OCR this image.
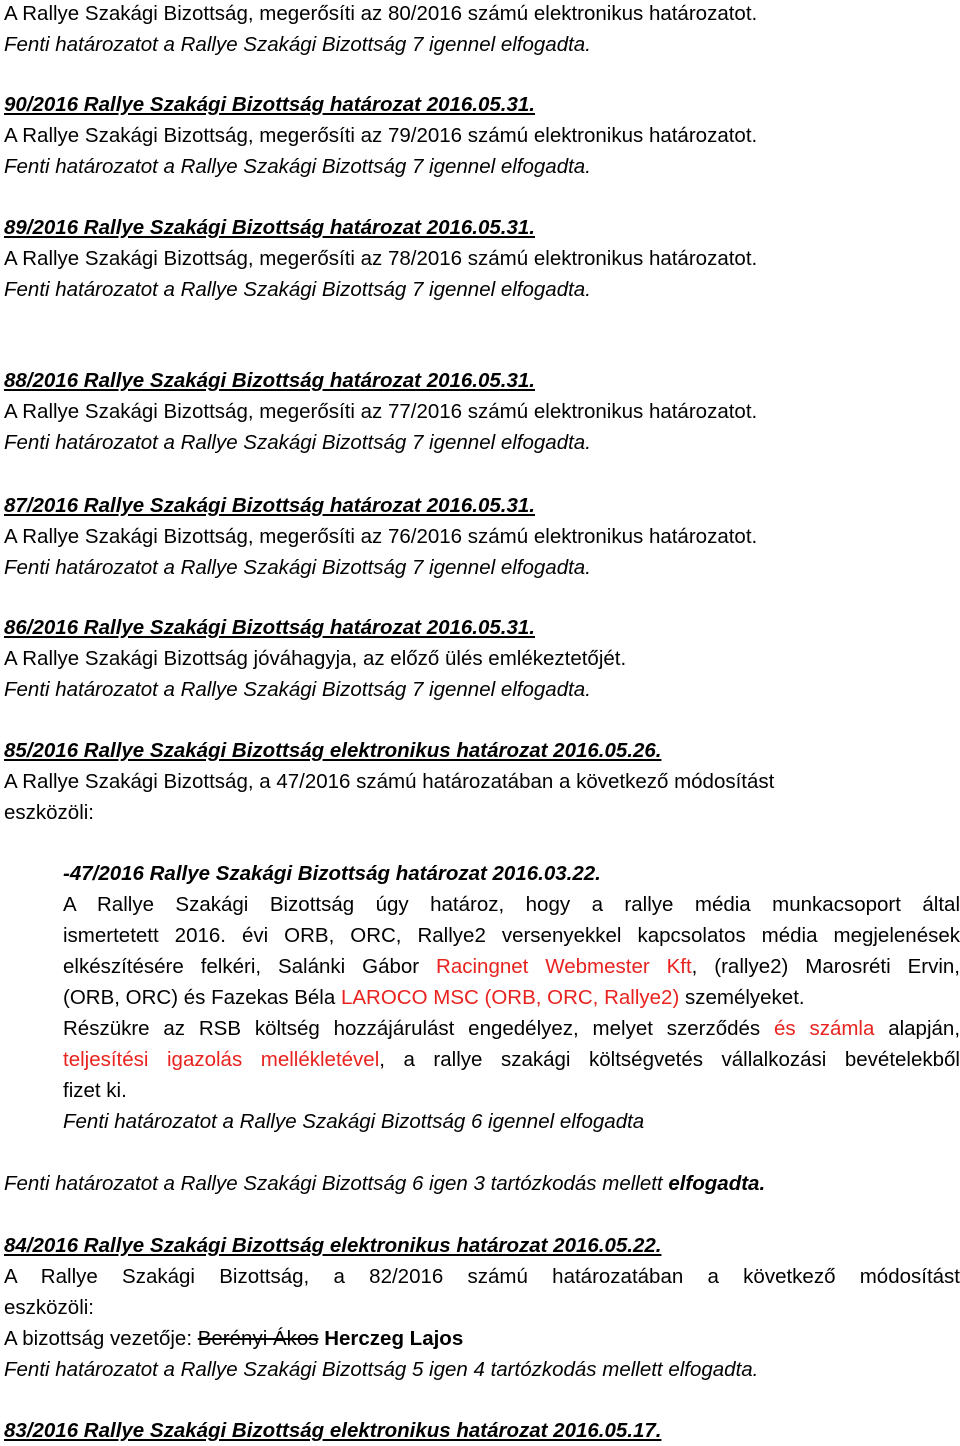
A Rallye Szakági Bizottság, megerősíti az 80/2016 számú elektronikus határozatot.
Fenti határozatot a Rallye Szakági Bizottság 7 igennel elfogadta.
90/2016 Rallye Szakági Bizottság határozat 2016.05.31.
A Rallye Szakági Bizottság, megerősíti az 79/2016 számú elektronikus határozatot.
Fenti határozatot a Rallye Szakági Bizottság 7 igennel elfogadta.
89/2016 Rallye Szakági Bizottság határozat 2016.05.31.
A Rallye Szakági Bizottság, megerősíti az 78/2016 számú elektronikus határozatot.
Fenti határozatot a Rallye Szakági Bizottság 7 igennel elfogadta.
88/2016 Rallye Szakági Bizottság határozat 2016.05.31.
A Rallye Szakági Bizottság, megerősíti az 77/2016 számú elektronikus határozatot.
Fenti határozatot a Rallye Szakági Bizottság 7 igennel elfogadta.
87/2016 Rallye Szakági Bizottság határozat 2016.05.31.
A Rallye Szakági Bizottság, megerősíti az 76/2016 számú elektronikus határozatot.
Fenti határozatot a Rallye Szakági Bizottság 7 igennel elfogadta.
86/2016 Rallye Szakági Bizottság határozat 2016.05.31.
A Rallye Szakági Bizottság jóváhagyja, az előző ülés emlékeztetőjét.
Fenti határozatot a Rallye Szakági Bizottság 7 igennel elfogadta.
85/2016 Rallye Szakági Bizottság elektronikus határozat 2016.05.26.
A Rallye Szakági Bizottság, a 47/2016 számú határozatában a következő módosítást
eszközöli:
-47/2016 Rallye Szakági Bizottság határozat 2016.03.22.
A Rallye Szakági Bizottság úgy határoz, hogy a rallye média munkacsoport által
ismertetett 2016. évi ORB, ORC, Rallye2 versenyekkel kapcsolatos média megjelenések
elkészítésére felkéri, Salánki Gábor Racingnet Webmester Kft, (rallye2) Marosréti Ervin,
(ORB, ORC) és Fazekas Béla LAROCO MSC (ORB, ORC, Rallye2) személyeket.
Részükre az RSB költség hozzájárulást engedélyez, melyet szerződés és számla alapján,
teljesítési igazolás mellékletével, a rallye szakági költségvetés vállalkozási bevételekből
fizet ki.
Fenti határozatot a Rallye Szakági Bizottság 6 igennel elfogadta
Fenti határozatot a Rallye Szakági Bizottság 6 igen 3 tartózkodás mellett elfogadta.
84/2016 Rallye Szakági Bizottság elektronikus határozat 2016.05.22.
A Rallye Szakági Bizottság, a 82/2016 számú határozatában a következő módosítást
eszközöli:
A bizottság vezetője: Berényi Ákos Herczeg Lajos
Fenti határozatot a Rallye Szakági Bizottság 5 igen 4 tartózkodás mellett elfogadta.
83/2016 Rallye Szakági Bizottság elektronikus határozat 2016.05.17.
